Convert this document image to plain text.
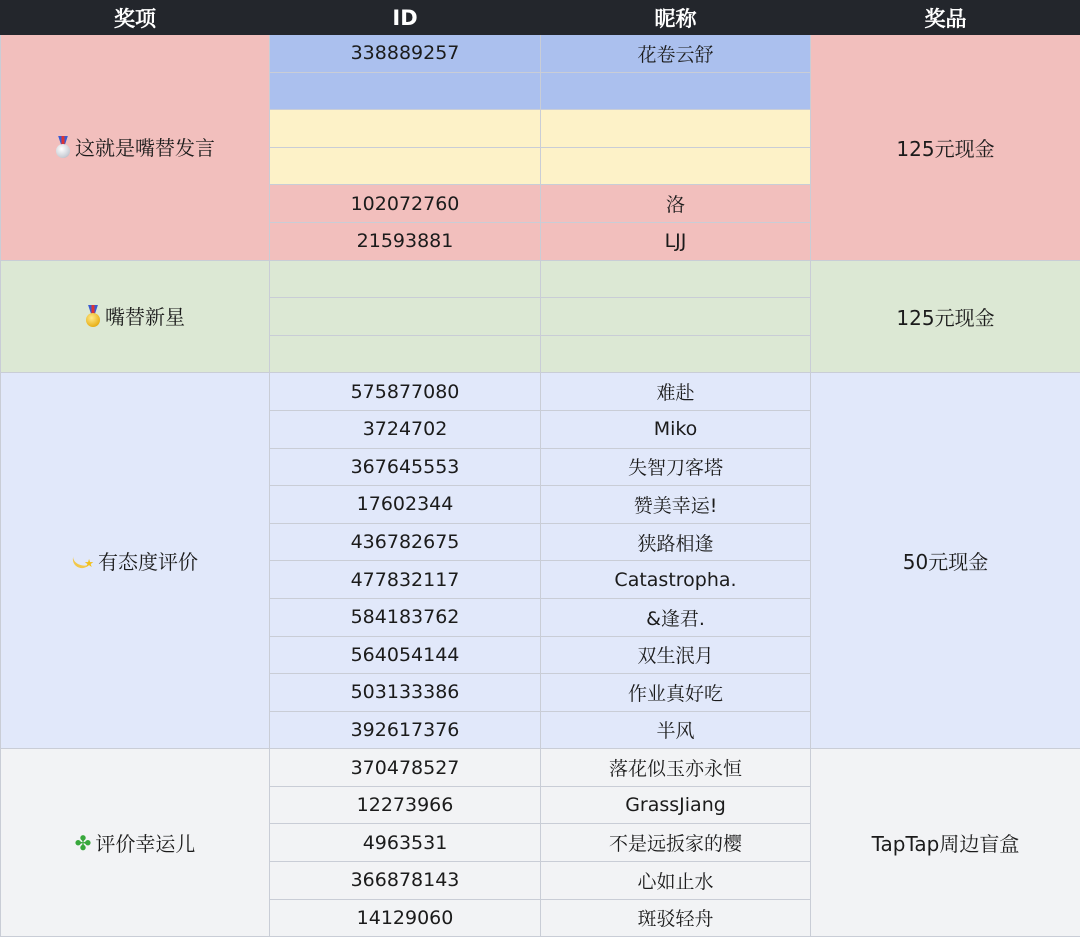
奖项	ID	昵称	奖品

这就是嘴替发言	338889257	花卷云舒	125元现金

	102072760	洛	
	21593881	LJJ	

嘴替新星			125元现金

★ 有态度评价	575877080	难赴	50元现金
	3724702	Miko	
	367645553	失智刀客塔	
	17602344	赞美幸运!	
	436782675	狭路相逢	
	477832117	Catastropha.	
	584183762	&逢君.	
	564054144	双生泯月	
	503133386	作业真好吃	
	392617376	半风	

✤ 评价幸运儿	370478527	落花似玉亦永恒	TapTap周边盲盒
	12273966	GrassJiang	
	4963531	不是远扳家的樱	
	366878143	心如止水	
	14129060	斑驳轻舟	
